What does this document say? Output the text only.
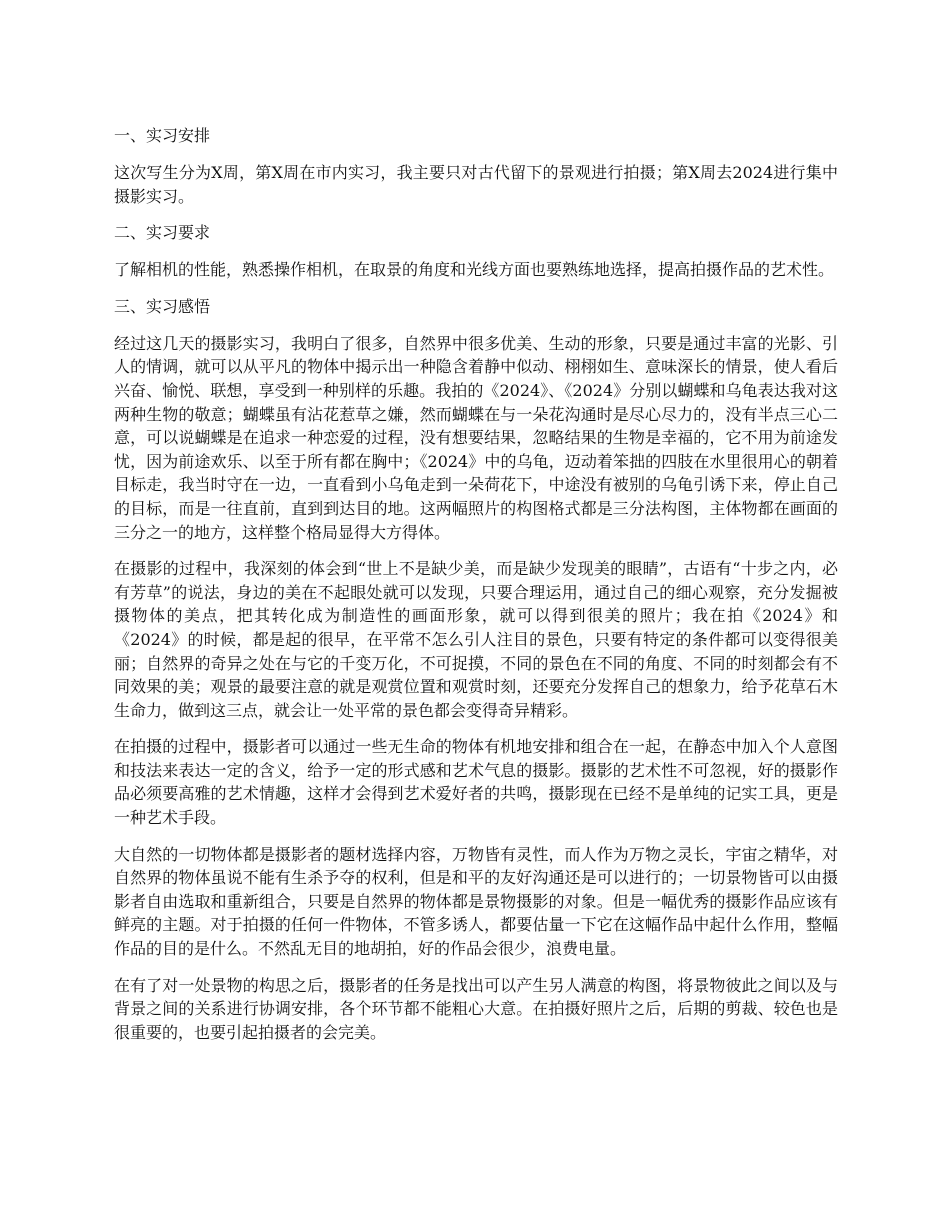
一、实习安排
这次写生分为X周，第X周在市内实习，我主要只对古代留下的景观进行拍摄；第X周去2024进行集中摄影实习。
二、实习要求
了解相机的性能，熟悉操作相机，在取景的角度和光线方面也要熟练地选择，提高拍摄作品的艺术性。
三、实习感悟
经过这几天的摄影实习，我明白了很多，自然界中很多优美、生动的形象，只要是通过丰富的光影、引人的情调，就可以从平凡的物体中揭示出一种隐含着静中似动、栩栩如生、意味深长的情景，使人看后兴奋、愉悦、联想，享受到一种别样的乐趣。我拍的《2024》、《2024》分别以蝴蝶和乌龟表达我对这两种生物的敬意；蝴蝶虽有沾花惹草之嫌，然而蝴蝶在与一朵花沟通时是尽心尽力的，没有半点三心二意，可以说蝴蝶是在追求一种恋爱的过程，没有想要结果，忽略结果的生物是幸福的，它不用为前途发忧，因为前途欢乐、以至于所有都在胸中；《2024》中的乌龟，迈动着笨拙的四肢在水里很用心的朝着目标走，我当时守在一边，一直看到小乌龟走到一朵荷花下，中途没有被别的乌龟引诱下来，停止自己的目标，而是一往直前，直到到达目的地。这两幅照片的构图格式都是三分法构图，主体物都在画面的三分之一的地方，这样整个格局显得大方得体。
在摄影的过程中，我深刻的体会到“世上不是缺少美，而是缺少发现美的眼睛”，古语有“十步之内，必有芳草”的说法，身边的美在不起眼处就可以发现，只要合理运用，通过自己的细心观察，充分发掘被摄物体的美点，把其转化成为制造性的画面形象，就可以得到很美的照片；我在拍《2024》和《2024》的时候，都是起的很早，在平常不怎么引人注目的景色，只要有特定的条件都可以变得很美丽；自然界的奇异之处在与它的千变万化，不可捉摸，不同的景色在不同的角度、不同的时刻都会有不同效果的美；观景的最要注意的就是观赏位置和观赏时刻，还要充分发挥自己的想象力，给予花草石木生命力，做到这三点，就会让一处平常的景色都会变得奇异精彩。
在拍摄的过程中，摄影者可以通过一些无生命的物体有机地安排和组合在一起，在静态中加入个人意图和技法来表达一定的含义，给予一定的形式感和艺术气息的摄影。摄影的艺术性不可忽视，好的摄影作品必须要高雅的艺术情趣，这样才会得到艺术爱好者的共鸣，摄影现在已经不是单纯的记实工具，更是一种艺术手段。
大自然的一切物体都是摄影者的题材选择内容，万物皆有灵性，而人作为万物之灵长，宇宙之精华，对自然界的物体虽说不能有生杀予夺的权利，但是和平的友好沟通还是可以进行的；一切景物皆可以由摄影者自由选取和重新组合，只要是自然界的物体都是景物摄影的对象。但是一幅优秀的摄影作品应该有鲜亮的主题。对于拍摄的任何一件物体，不管多诱人，都要估量一下它在这幅作品中起什么作用，整幅作品的目的是什么。不然乱无目的地胡拍，好的作品会很少，浪费电量。
在有了对一处景物的构思之后，摄影者的任务是找出可以产生另人满意的构图，将景物彼此之间以及与背景之间的关系进行协调安排，各个环节都不能粗心大意。在拍摄好照片之后，后期的剪裁、较色也是很重要的，也要引起拍摄者的会完美。
